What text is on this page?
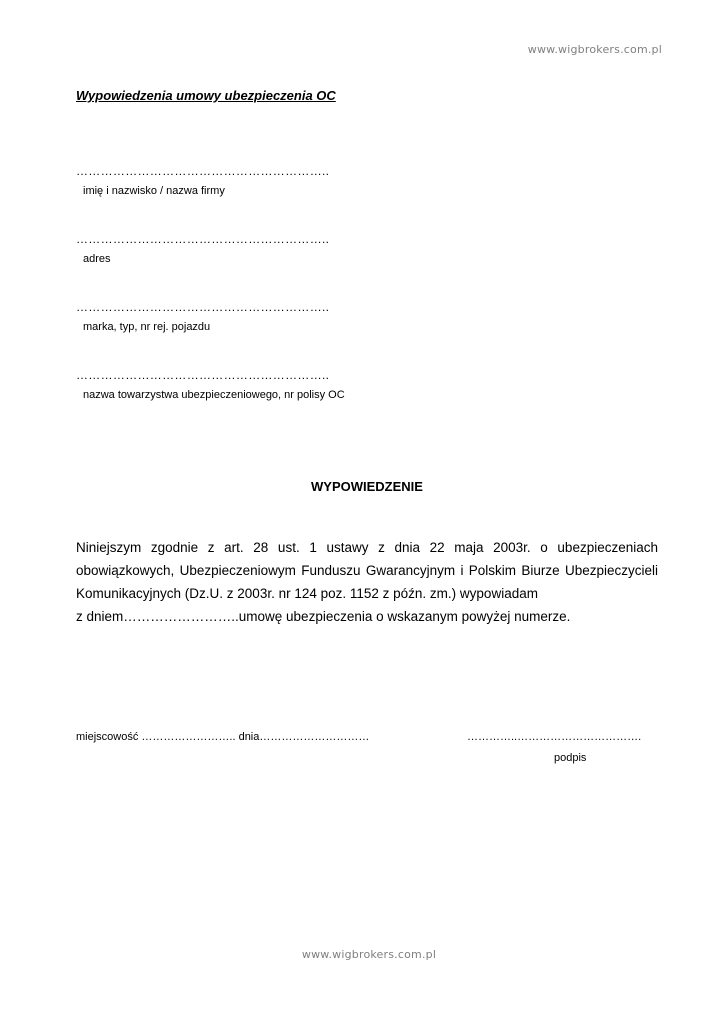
www.wigbrokers.com.pl
Wypowiedzenia umowy ubezpieczenia OC
……………………………………………………..
imię i nazwisko / nazwa firmy
……………………………………………………..
adres
……………………………………………………..
marka, typ, nr rej. pojazdu
……………………………………………………..
nazwa towarzystwa ubezpieczeniowego, nr polisy OC
WYPOWIEDZENIE
Niniejszym zgodnie z art. 28 ust. 1 ustawy z dnia 22 maja 2003r. o ubezpieczeniach obowiązkowych, Ubezpieczeniowym Funduszu Gwarancyjnym i Polskim Biurze Ubezpieczycieli Komunikacyjnych (Dz.U. z 2003r. nr 124 poz. 1152 z późn. zm.) wypowiadam
z dniem……………………..umowę ubezpieczenia o wskazanym powyżej numerze.
miejscowość …………………….. dnia…………………………	…………..…………………………….
podpis
www.wigbrokers.com.pl
